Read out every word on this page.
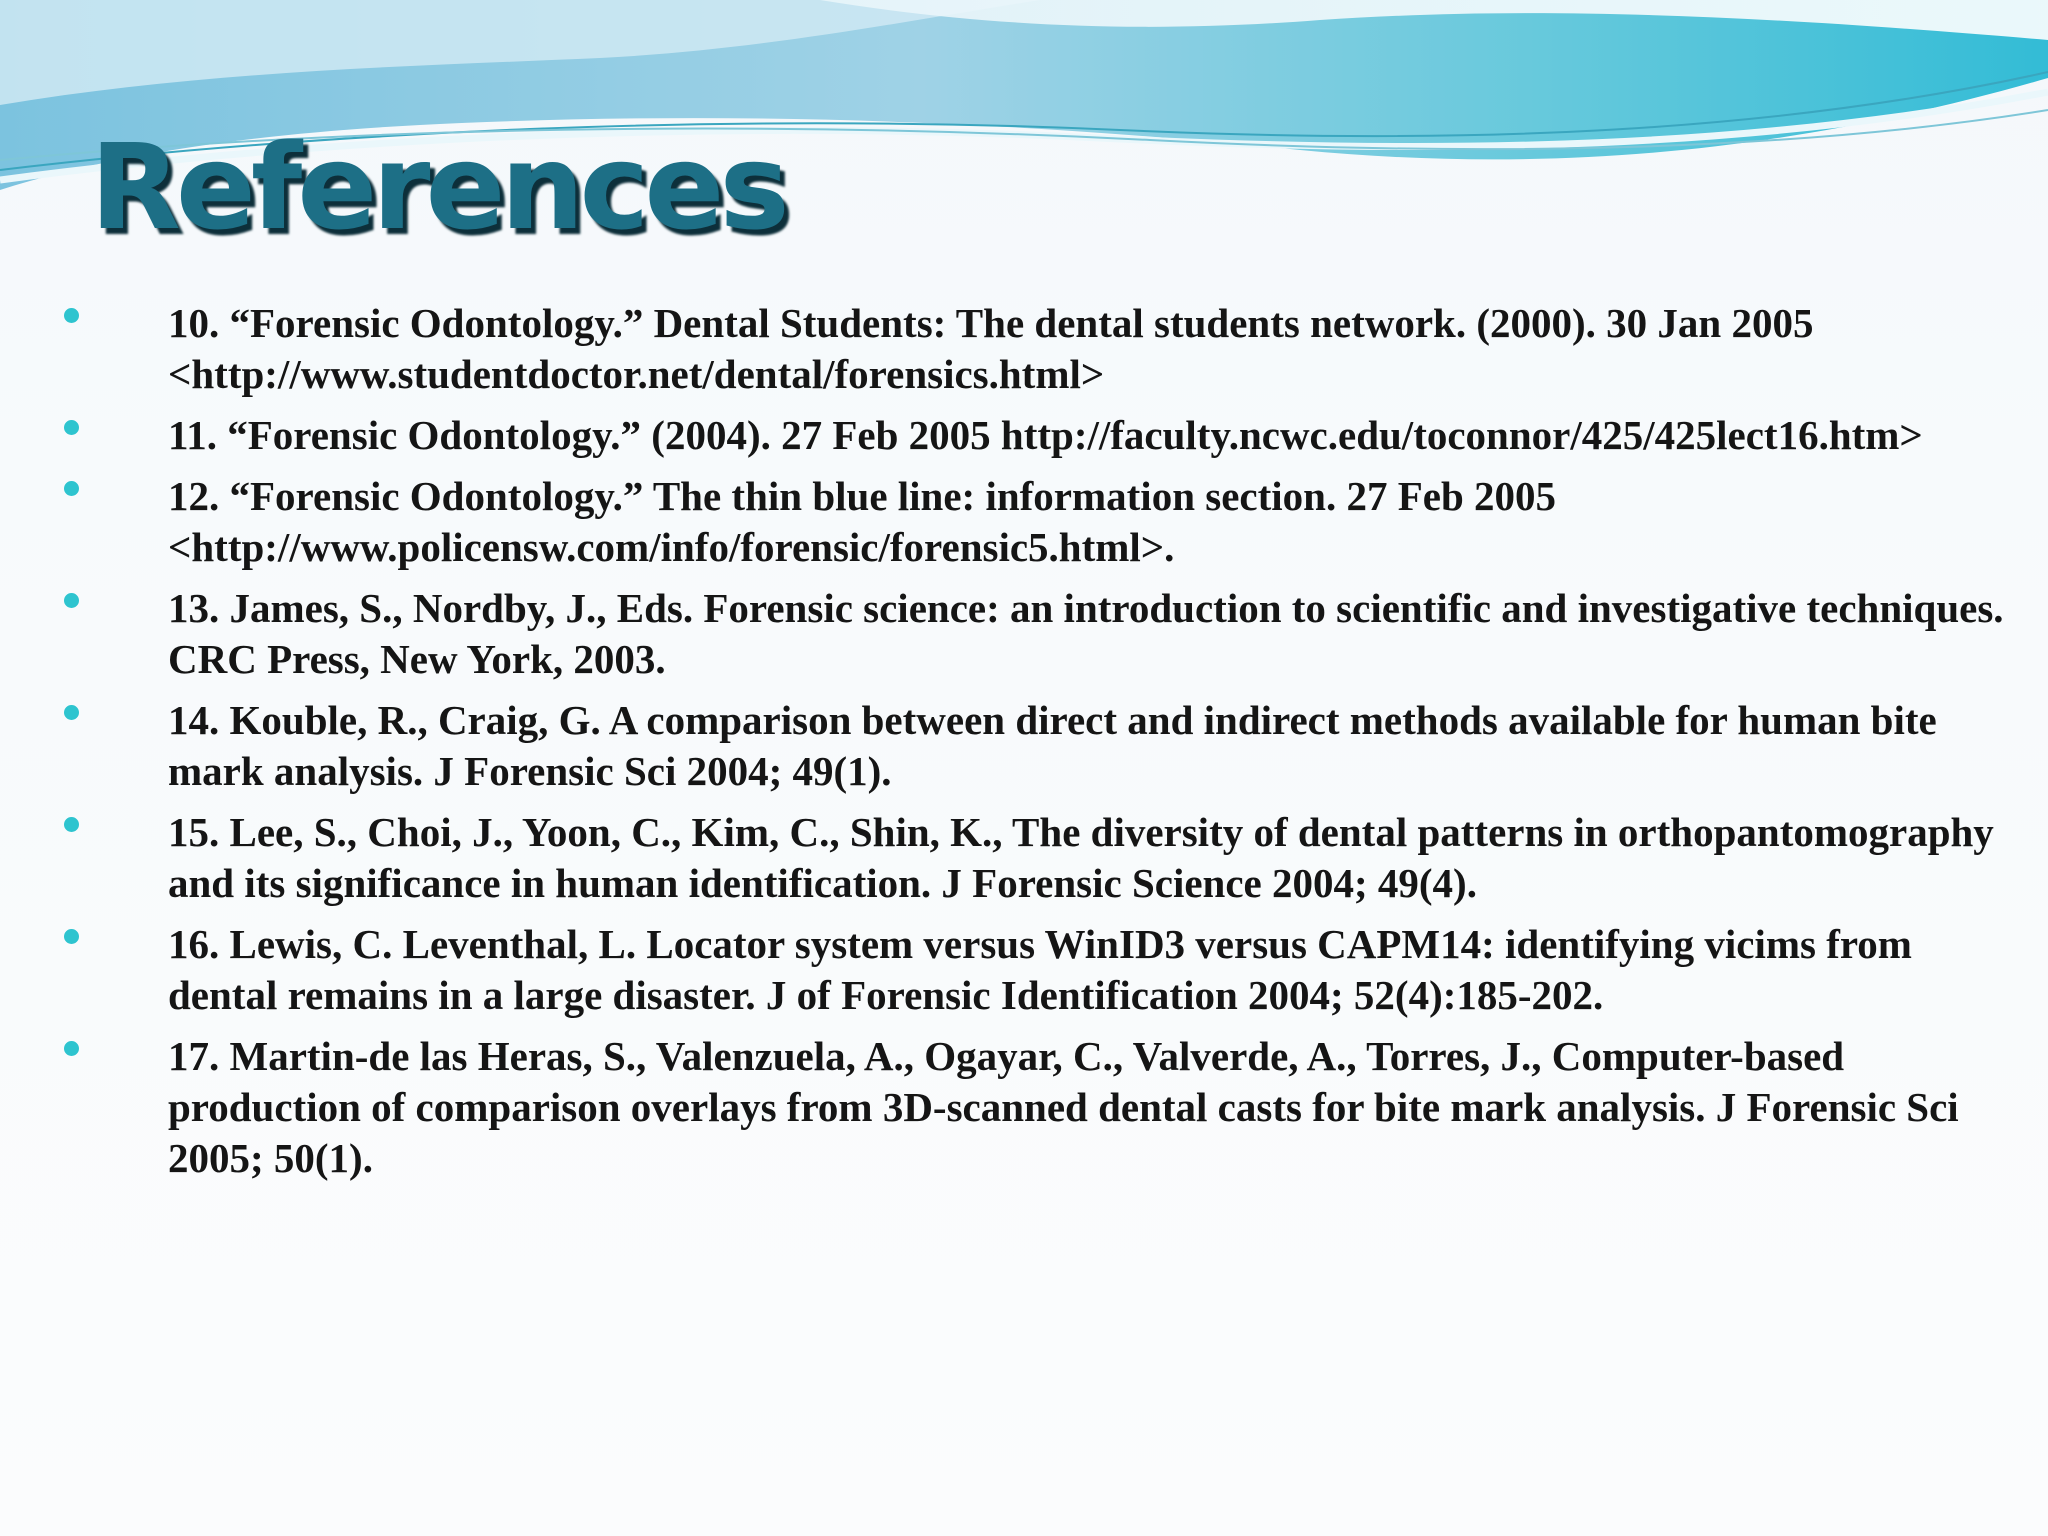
References
10. “Forensic Odontology.” Dental Students: The dental students network. (2000). 30 Jan 2005 <http://www.studentdoctor.net/dental/forensics.html>
11. “Forensic Odontology.” (2004). 27 Feb 2005 http://faculty.ncwc.edu/toconnor/425/425lect16.htm>
12. “Forensic Odontology.” The thin blue line: information section. 27 Feb 2005 <http://www.policensw.com/info/forensic/forensic5.html>.
13. James, S., Nordby, J., Eds. Forensic science: an introduction to scientific and investigative techniques. CRC Press, New York, 2003.
14. Kouble, R., Craig, G. A comparison between direct and indirect methods available for human bite mark analysis. J Forensic Sci 2004; 49(1).
15. Lee, S., Choi, J., Yoon, C., Kim, C., Shin, K., The diversity of dental patterns in orthopantomography and its significance in human identification. J Forensic Science 2004; 49(4).
16. Lewis, C. Leventhal, L. Locator system versus WinID3 versus CAPM14: identifying vicims from dental remains in a large disaster. J of Forensic Identification 2004; 52(4):185-202.
17. Martin-de las Heras, S., Valenzuela, A., Ogayar, C., Valverde, A., Torres, J., Computer-based production of comparison overlays from 3D-scanned dental casts for bite mark analysis. J Forensic Sci 2005; 50(1).
